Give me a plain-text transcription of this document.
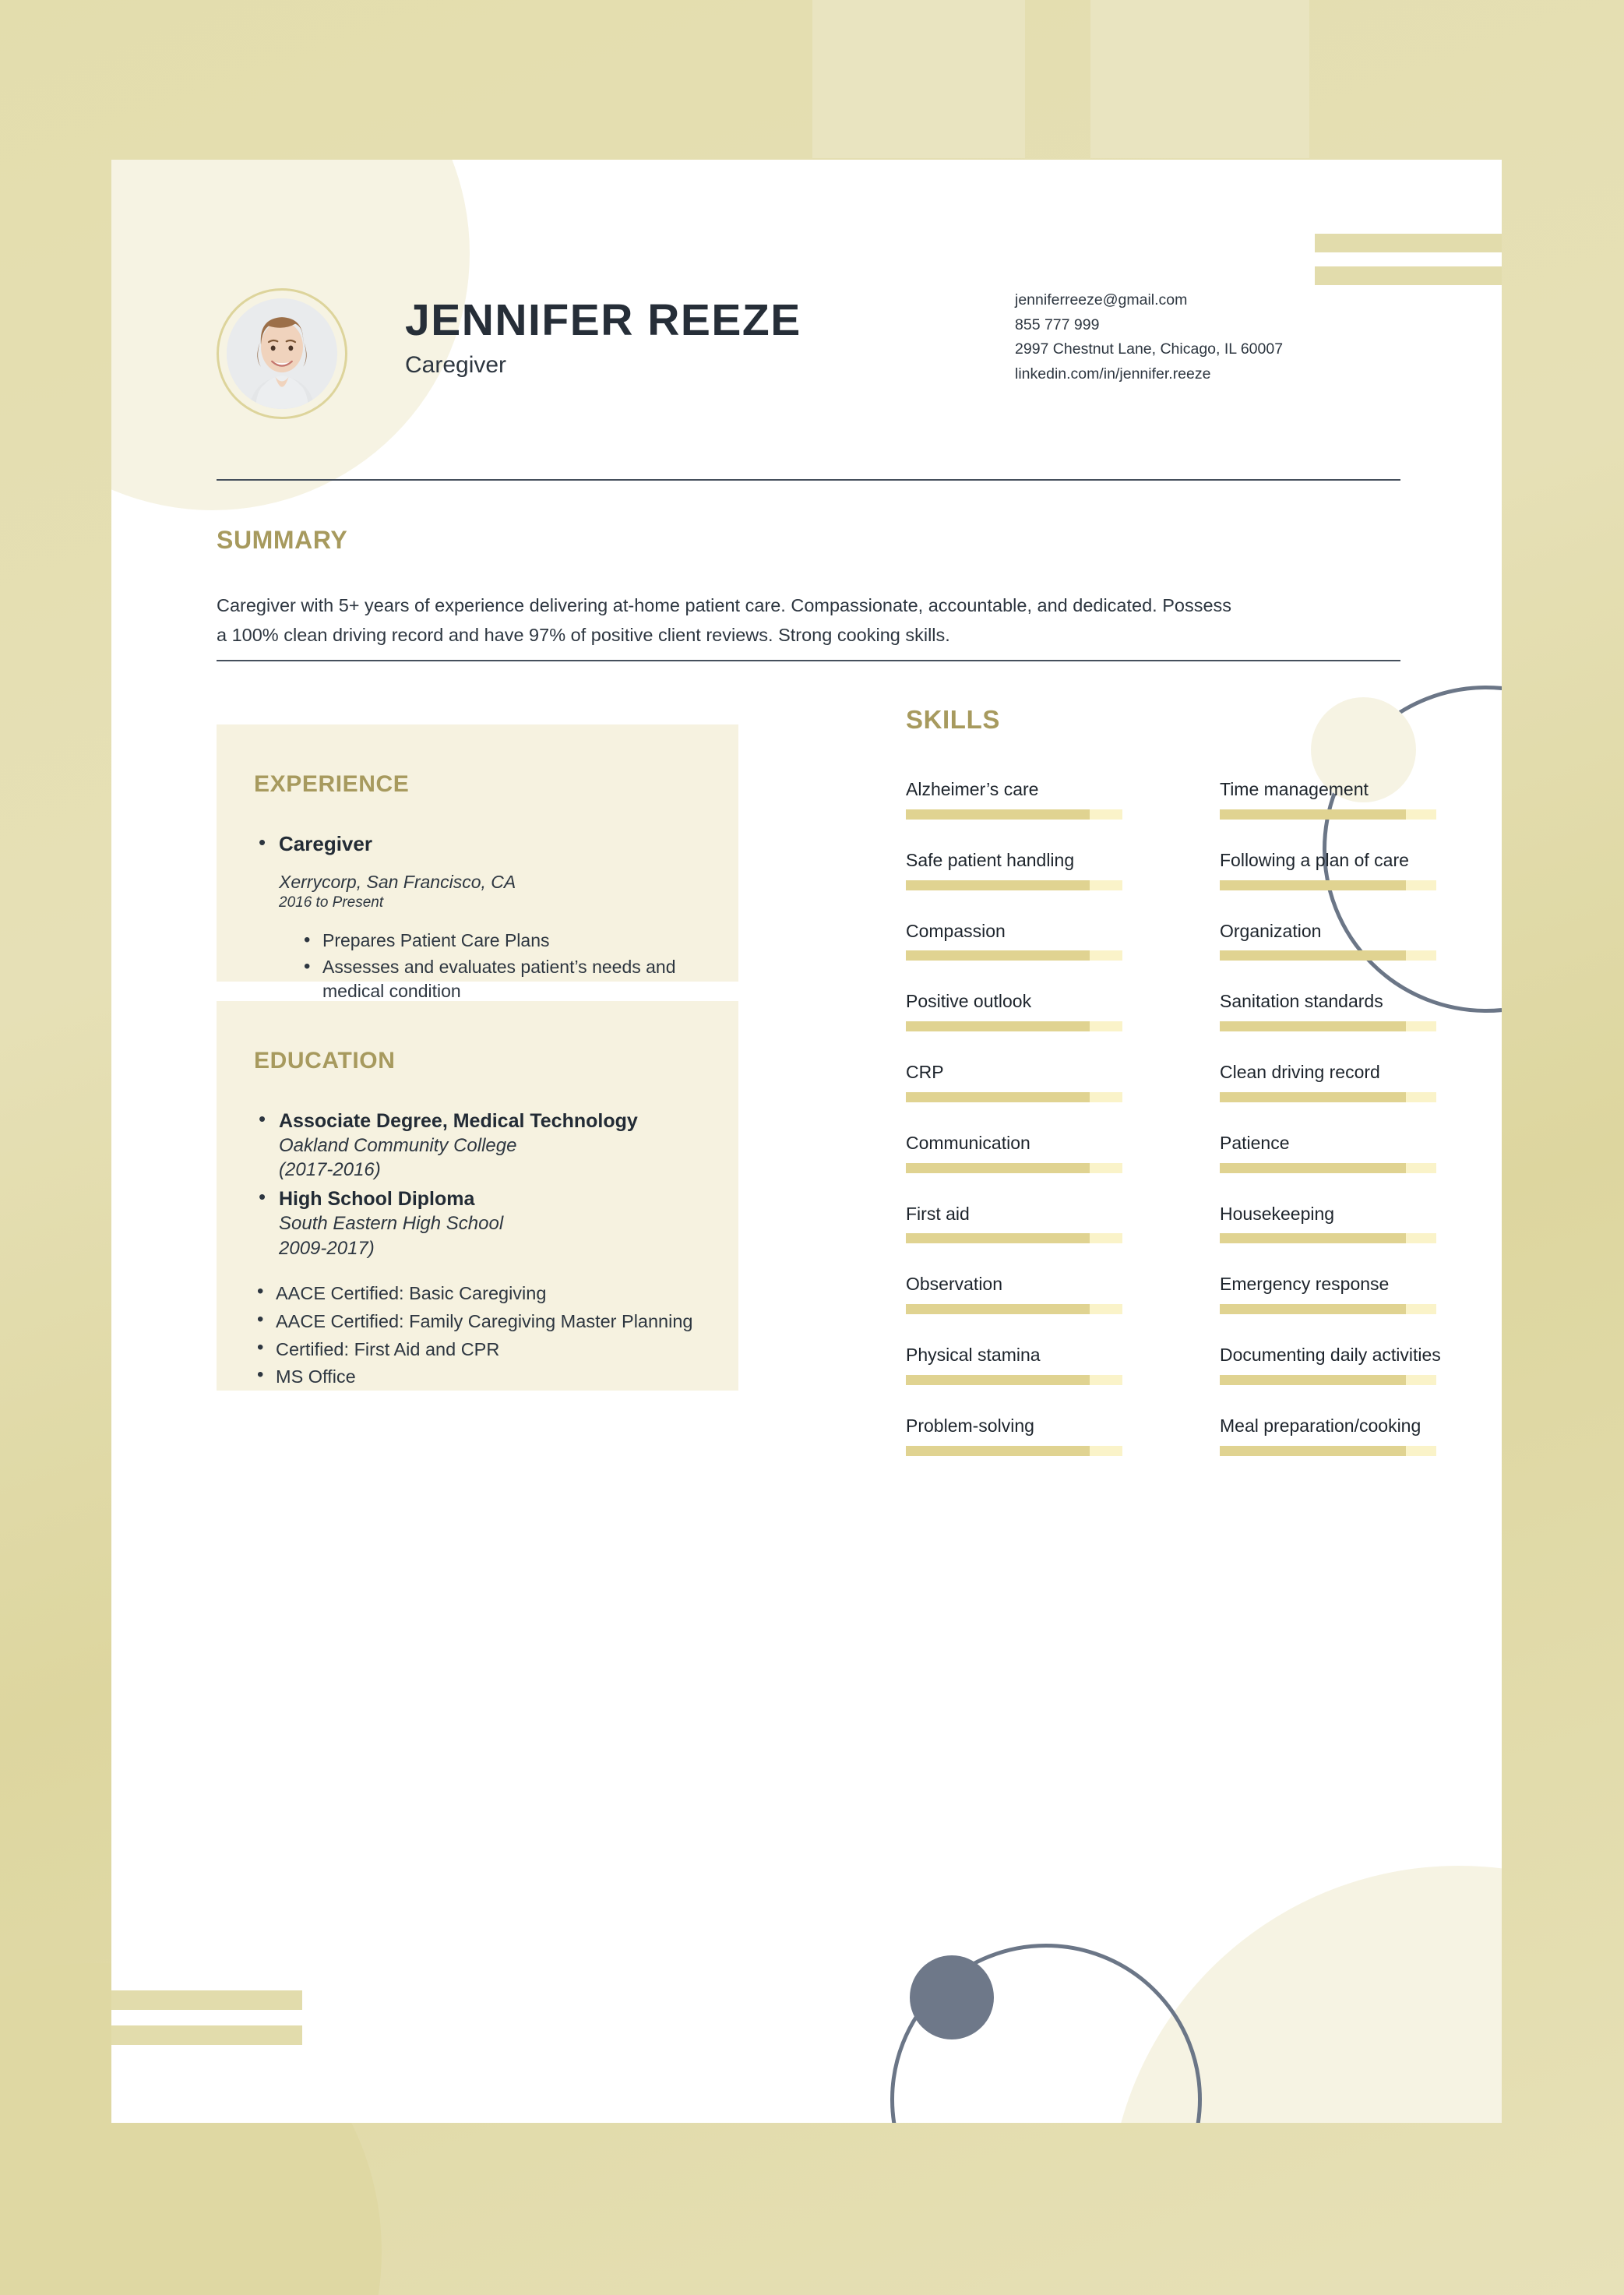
JENNIFER REEZE
Caregiver
jenniferreeze@gmail.com
855 777 999
2997 Chestnut Lane, Chicago, IL 60007
linkedin.com/in/jennifer.reeze
SUMMARY
Caregiver with 5+ years of experience delivering at-home patient care. Compassionate, accountable, and dedicated. Possess a 100% clean driving record and have 97% of positive client reviews. Strong cooking skills.
EXPERIENCE
• Caregiver
Xerrycorp, San Francisco, CA
2016 to Present
• Prepares Patient Care Plans
• Assesses and evaluates patient’s needs and medical condition
•
EDUCATION
• Associate Degree, Medical Technology
Oakland Community College
(2017-2016)
• High School Diploma
South Eastern High School
2009-2017)
• AACE Certified: Basic Caregiving
• AACE Certified: Family Caregiving Master Planning
• Certified: First Aid and CPR
• MS Office
SKILLS
Alzheimer’s care	Time management
Safe patient handling	Following a plan of care
Compassion	Organization
Positive outlook	Sanitation standards
CRP	Clean driving record
Communication	Patience
First aid	Housekeeping
Observation	Emergency response
Physical stamina	Documenting daily activities
Problem-solving	Meal preparation/cooking
